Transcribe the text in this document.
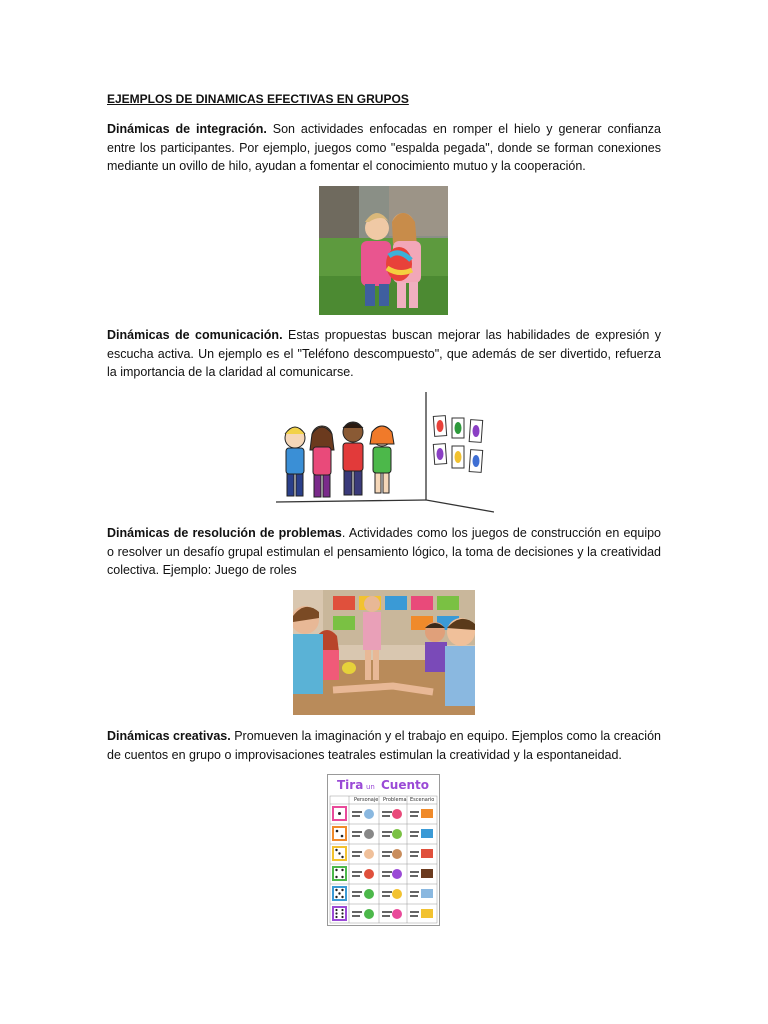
EJEMPLOS DE DINAMICAS EFECTIVAS EN GRUPOS

Dinámicas de integración. Son actividades enfocadas en romper el hielo y generar confianza entre los participantes. Por ejemplo, juegos como "espalda pegada", donde se forman conexiones mediante un ovillo de hilo, ayudan a fomentar el conocimiento mutuo y la cooperación.

Dinámicas de comunicación. Estas propuestas buscan mejorar las habilidades de expresión y escucha activa. Un ejemplo es el "Teléfono descompuesto", que además de ser divertido, refuerza la importancia de la claridad al comunicarse.

Dinámicas de resolución de problemas. Actividades como los juegos de construcción en equipo o resolver un desafío grupal estimulan el pensamiento lógico, la toma de decisiones y la creatividad colectiva. Ejemplo: Juego de roles

Dinámicas creativas. Promueven la imaginación y el trabajo en equipo. Ejemplos como la creación de cuentos en grupo o improvisaciones teatrales estimulan la creatividad y la espontaneidad.

Tira un Cuento
Personaje Problema Escenario
